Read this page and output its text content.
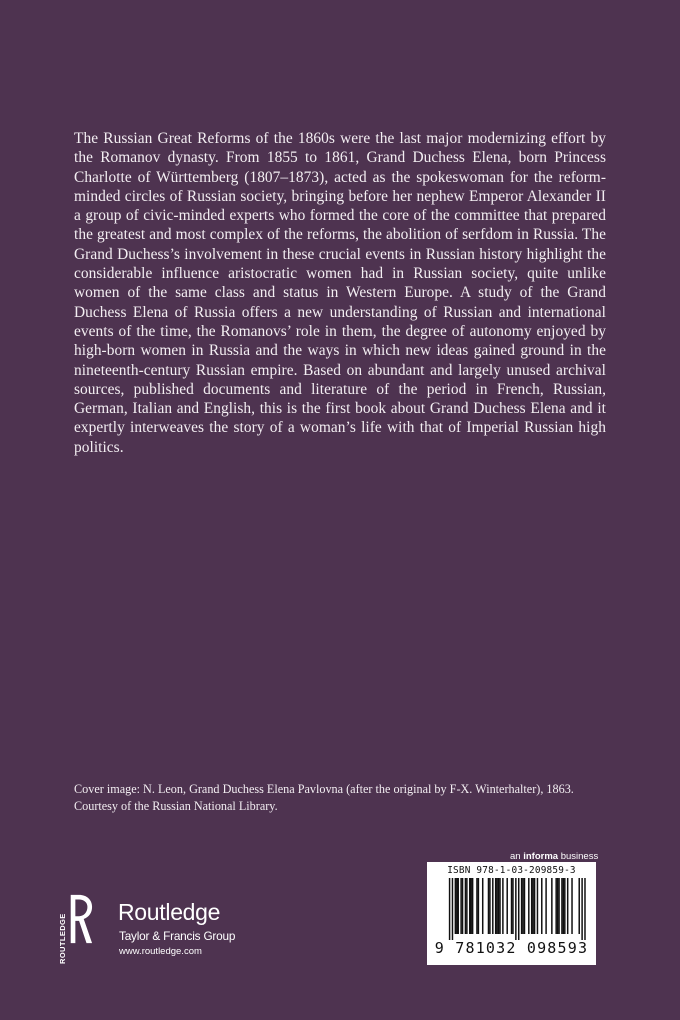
The Russian Great Reforms of the 1860s were the last major modernizing effort by the Romanov dynasty. From 1855 to 1861, Grand Duchess Elena, born Princess Charlotte of Württemberg (1807–1873), acted as the spokeswoman for the reform-minded circles of Russian society, bringing before her nephew Emperor Alexander II a group of civic-minded experts who formed the core of the committee that prepared the greatest and most complex of the reforms, the abolition of serfdom in Russia. The Grand Duchess’s involvement in these crucial events in Russian history highlight the considerable influence aristocratic women had in Russian society, quite unlike women of the same class and status in Western Europe. A study of the Grand Duchess Elena of Russia offers a new understanding of Russian and international events of the time, the Romanovs’ role in them, the degree of autonomy enjoyed by high-born women in Russia and the ways in which new ideas gained ground in the nineteenth-century Russian empire. Based on abundant and largely unused archival sources, published documents and literature of the period in French, Russian, German, Italian and English, this is the first book about Grand Duchess Elena and it expertly interweaves the story of a woman’s life with that of Imperial Russian high politics.
Cover image: N. Leon, Grand Duchess Elena Pavlovna (after the original by F-X. Winterhalter), 1863.
Courtesy of the Russian National Library.
ROUTLEDGE
Routledge
Taylor & Francis Group
www.routledge.com
an informa business
ISBN 978-1-03-209859-3
9 781032 098593
